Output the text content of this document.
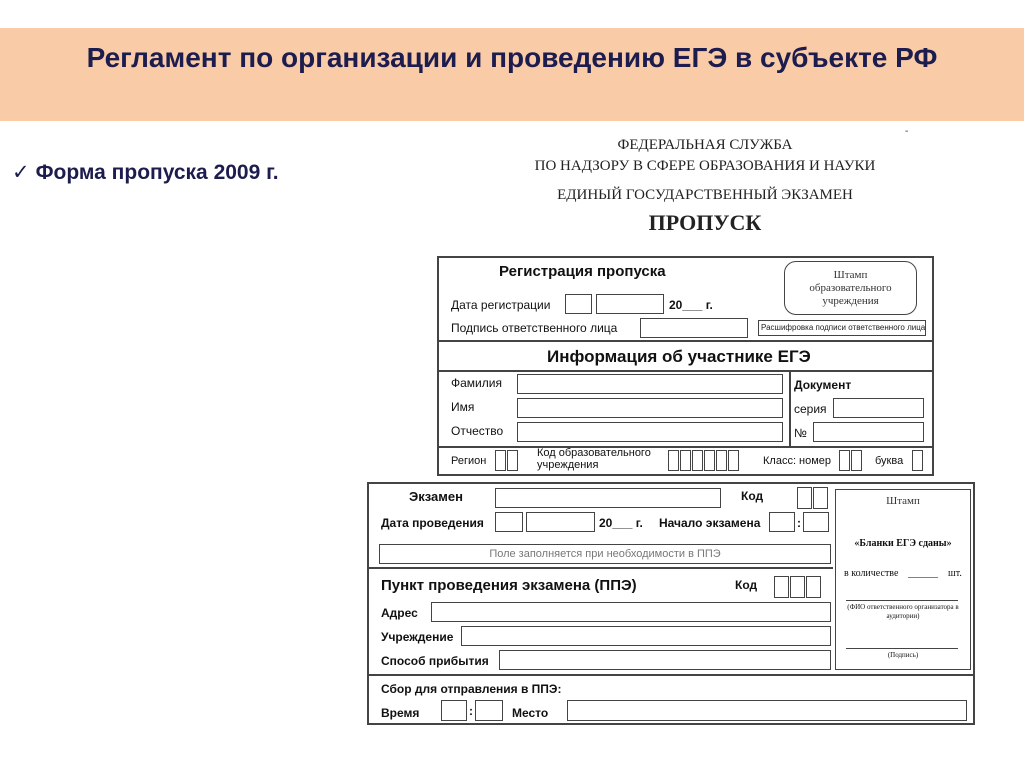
Регламент по организации и проведению ЕГЭ в субъекте РФ
✓ Форма пропуска 2009 г.
-
ФЕДЕРАЛЬНАЯ СЛУЖБА
ПО НАДЗОРУ В СФЕРЕ ОБРАЗОВАНИЯ И НАУКИ
ЕДИНЫЙ ГОСУДАРСТВЕННЫЙ ЭКЗАМЕН
ПРОПУСК
Регистрация пропуска
Дата регистрации	20___ г.
Подпись ответственного лица
Штамп
образовательного
учреждения
Расшифровка подписи ответственного лица
Информация об участнике ЕГЭ
Фамилия
Имя
Отчество
Документ
серия
№
Регион
Код образовательного
учреждения	Класс: номер	буква
Экзамен	Код
Дата проведения	20___ г. Начало экзамена	:
Поле заполняется при необходимости в ППЭ
Пункт проведения экзамена (ППЭ)	Код
Адрес
Учреждение
Способ прибытия
Сбор для отправления в ППЭ:
Время	:	Место
Штамп
«Бланки ЕГЭ сданы»
в количестве ______ шт.
(ФИО ответственного организатора в
аудитории)
(Подпись)
